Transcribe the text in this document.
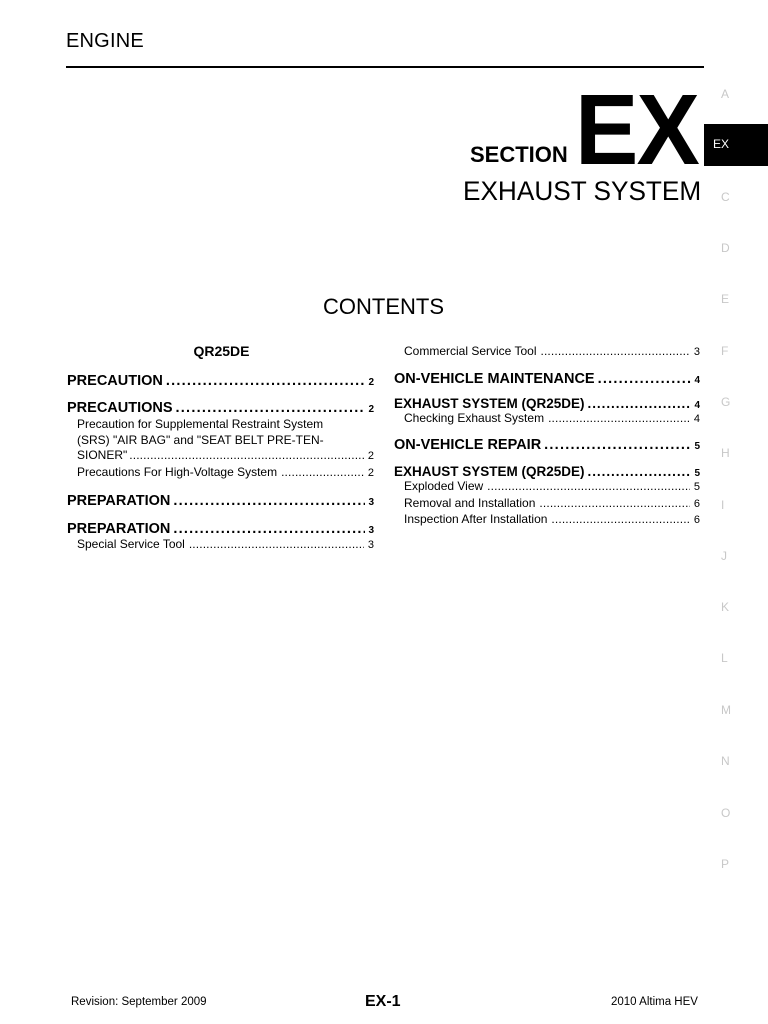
ENGINE
SECTION EX
EXHAUST SYSTEM
CONTENTS
QR25DE
PRECAUTION . . .	2
PRECAUTIONS . . .	2
Precaution for Supplemental Restraint System
(SRS) "AIR BAG" and "SEAT BELT PRE-TEN-
SIONER" . . .	2
Precautions For High-Voltage System . . .	2
PREPARATION . . .	3
PREPARATION . . .	3
Special Service Tool . . .	3
Commercial Service Tool . . .	3
ON-VEHICLE MAINTENANCE . . .	4
EXHAUST SYSTEM (QR25DE) . . .	4
Checking Exhaust System . . .	4
ON-VEHICLE REPAIR . . .	5
EXHAUST SYSTEM (QR25DE) . . .	5
Exploded View . . .	5
Removal and Installation . . .	6
Inspection After Installation . . .	6
A
EX
C
D
E
F
G
H
I
J
K
L
M
N
O
P
Revision: September 2009	EX-1	2010 Altima HEV
